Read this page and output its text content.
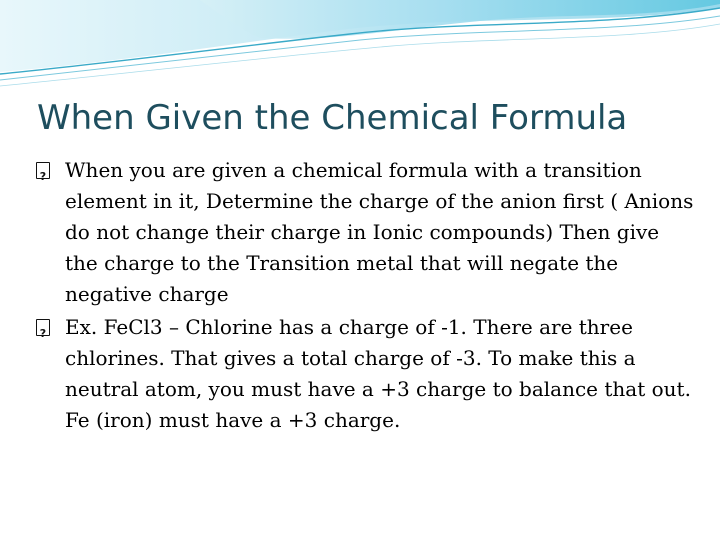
When Given the Chemical Formula
?
When you are given a chemical formula with a transition element in it, Determine the charge of the anion first ( Anions do not change their charge in Ionic compounds) Then give the charge to the Transition metal that will negate the negative charge
?
Ex. FeCl3 – Chlorine has a charge of -1. There are three chlorines. That gives a total charge of -3. To make this a neutral atom, you must have a +3 charge to balance that out. Fe (iron) must have a +3 charge.
